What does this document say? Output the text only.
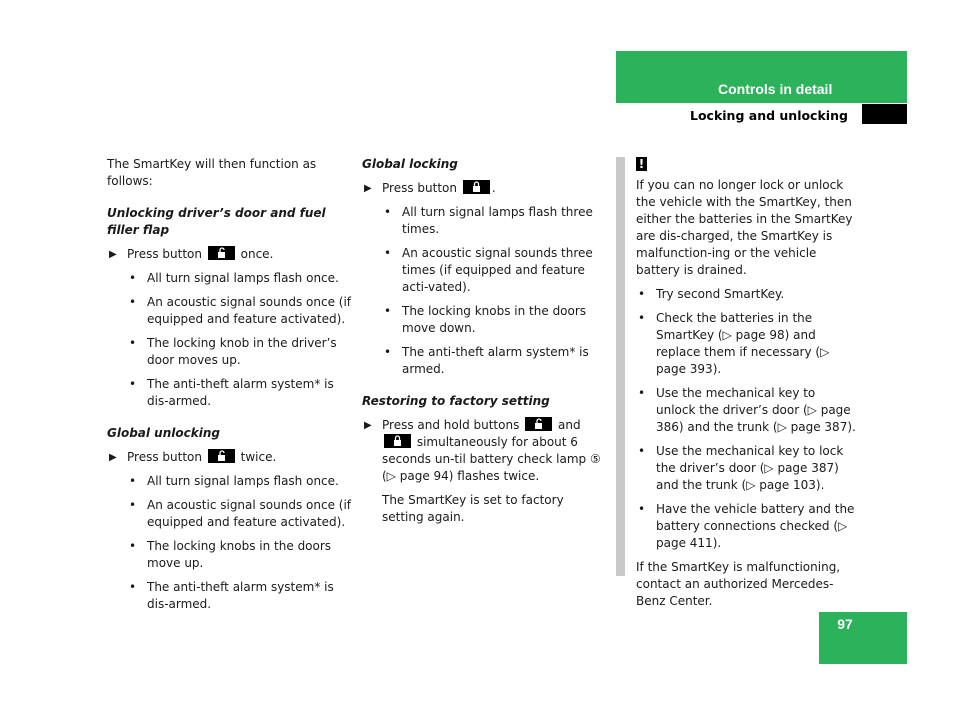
Controls in detail
Locking and unlocking

The SmartKey will then function as follows:

Unlocking driver’s door and fuel filler flap
▶ Press button	once.
• All turn signal lamps flash once.
• An acoustic signal sounds once (if equipped and feature activated).
• The locking knob in the driver’s door moves up.
• The anti-theft alarm system* is dis-armed.
Global unlocking
▶ Press button	twice.
• All turn signal lamps flash once.
• An acoustic signal sounds once (if equipped and feature activated).
• The locking knobs in the doors move up.
• The anti-theft alarm system* is dis-armed.
Global locking
▶ Press button	.
• All turn signal lamps flash three times.
• An acoustic signal sounds three times (if equipped and feature acti-vated).
• The locking knobs in the doors move down.
• The anti-theft alarm system* is armed.
Restoring to factory setting
▶ Press and hold buttons	and
simultaneously for about 6 seconds un-til battery check lamp ⑤ (▷ page 94) flashes twice.

The SmartKey is set to factory setting again.

!

If you can no longer lock or unlock the vehicle with the SmartKey, then either the batteries in the SmartKey are dis-charged, the SmartKey is malfunction-ing or the vehicle battery is drained.

• Try second SmartKey.
• Check the batteries in the SmartKey (▷ page 98) and replace them if necessary (▷ page 393).
• Use the mechanical key to unlock the driver’s door (▷ page 386) and the trunk (▷ page 387).
• Use the mechanical key to lock the driver’s door (▷ page 387) and the trunk (▷ page 103).
• Have the vehicle battery and the battery connections checked (▷ page 411).

If the SmartKey is malfunctioning, contact an authorized Mercedes-Benz Center.

97
